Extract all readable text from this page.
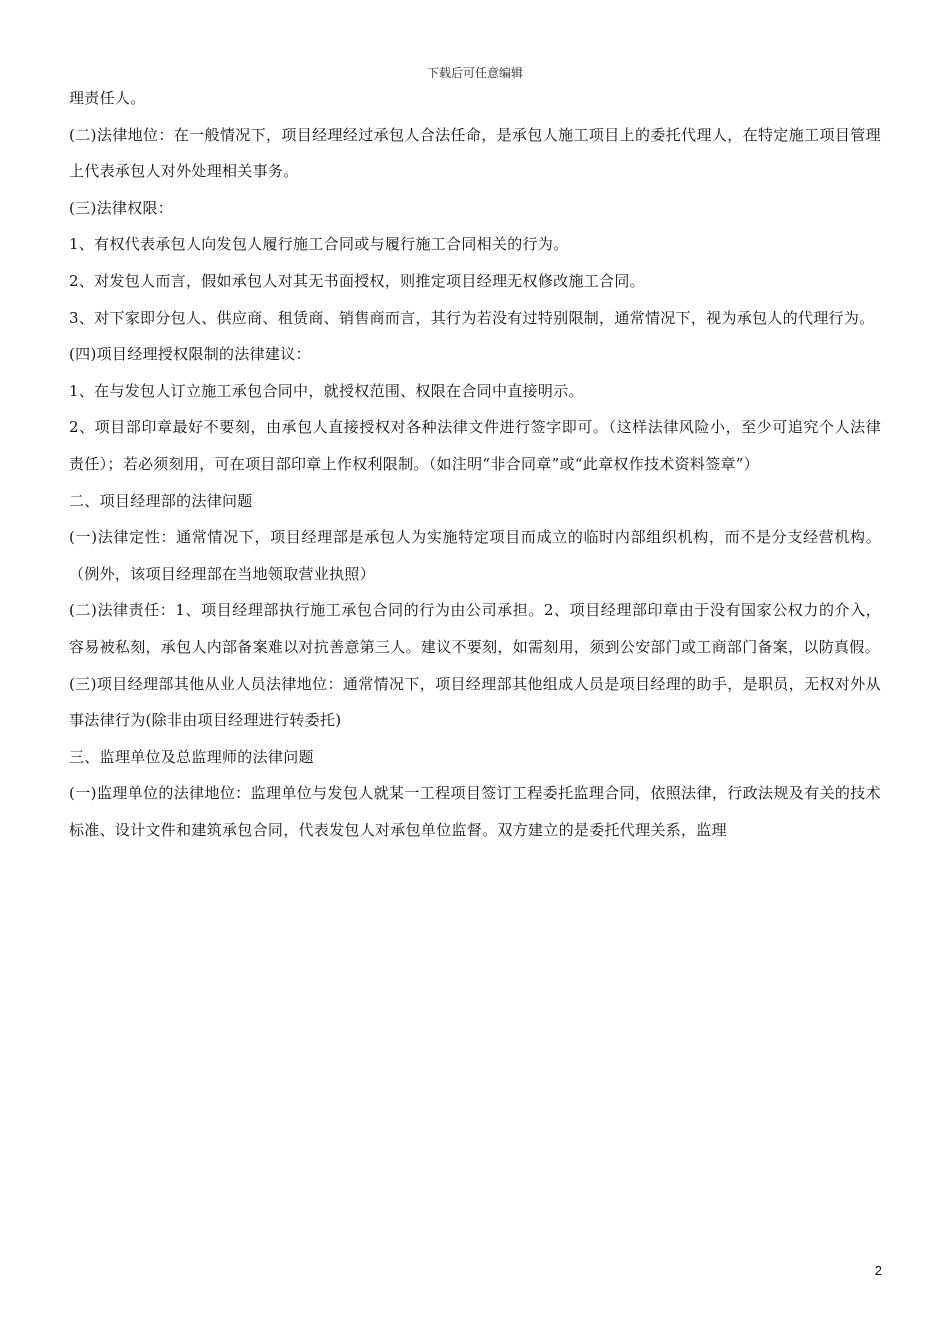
下载后可任意编辑

理责任人。

(二)法律地位：在一般情况下，项目经理经过承包人合法任命，是承包人施工项目上的委托代理人，在特定施工项目管理上代表承包人对外处理相关事务。

(三)法律权限：

1、有权代表承包人向发包人履行施工合同或与履行施工合同相关的行为。

2、对发包人而言，假如承包人对其无书面授权，则推定项目经理无权修改施工合同。

3、对下家即分包人、供应商、租赁商、销售商而言，其行为若没有过特别限制，通常情况下，视为承包人的代理行为。

(四)项目经理授权限制的法律建议：

1、在与发包人订立施工承包合同中，就授权范围、权限在合同中直接明示。

2、项目部印章最好不要刻，由承包人直接授权对各种法律文件进行签字即可。（这样法律风险小，至少可追究个人法律责任）；若必须刻用，可在项目部印章上作权利限制。（如注明“非合同章”或“此章权作技术资料签章”）

二、项目经理部的法律问题

(一)法律定性：通常情况下，项目经理部是承包人为实施特定项目而成立的临时内部组织机构，而不是分支经营机构。（例外，该项目经理部在当地领取营业执照）

(二)法律责任：1、项目经理部执行施工承包合同的行为由公司承担。2、项目经理部印章由于没有国家公权力的介入，容易被私刻，承包人内部备案难以对抗善意第三人。建议不要刻，如需刻用，须到公安部门或工商部门备案，以防真假。

(三)项目经理部其他从业人员法律地位：通常情况下，项目经理部其他组成人员是项目经理的助手，是职员，无权对外从事法律行为(除非由项目经理进行转委托)

三、监理单位及总监理师的法律问题

(一)监理单位的法律地位：监理单位与发包人就某一工程项目签订工程委托监理合同，依照法律，行政法规及有关的技术标准、设计文件和建筑承包合同，代表发包人对承包单位监督。双方建立的是委托代理关系，监理

2
